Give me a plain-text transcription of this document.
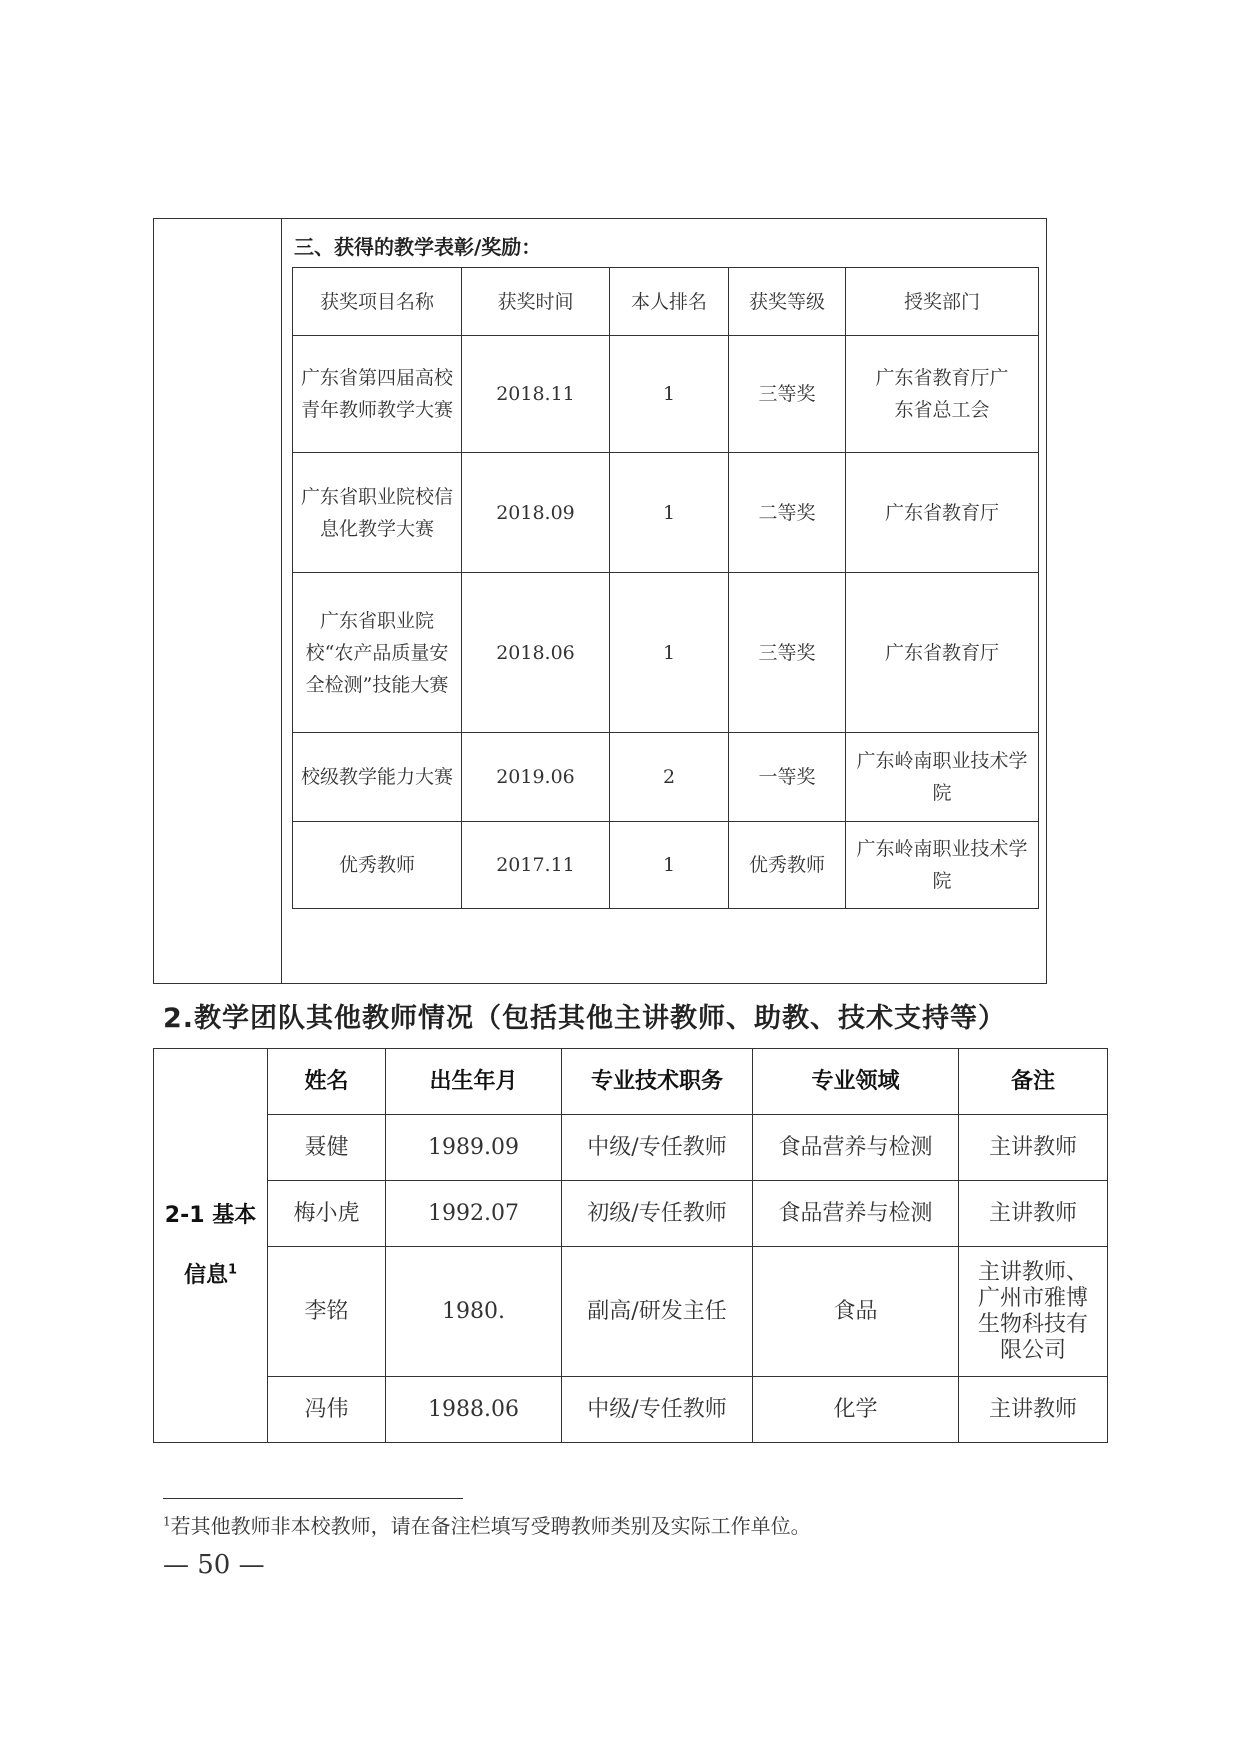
三、获得的教学表彰/奖励：
获奖项目名称	获奖时间	本人排名	获奖等级	授奖部门
广东省第四届高校青年教师教学大赛	2018.11	1	三等奖	广东省教育厅广东省总工会
广东省职业院校信息化教学大赛	2018.09	1	二等奖	广东省教育厅
广东省职业院校“农产品质量安全检测”技能大赛	2018.06	1	三等奖	广东省教育厅
校级教学能力大赛	2019.06	2	一等奖	广东岭南职业技术学院
优秀教师	2017.11	1	优秀教师	广东岭南职业技术学院
2.教学团队其他教师情况（包括其他主讲教师、助教、技术支持等）
2-1 基本信息$^1$	姓名	出生年月	专业技术职务	专业领域	备注
	聂健	1989.09	中级/专任教师	食品营养与检测	主讲教师
	梅小虎	1992.07	初级/专任教师	食品营养与检测	主讲教师
	李铭	1980.	副高/研发主任	食品	主讲教师、广州市雅博生物科技有限公司
	冯伟	1988.06	中级/专任教师	化学	主讲教师
$^1$若其他教师非本校教师，请在备注栏填写受聘教师类别及实际工作单位。
— 50 —
